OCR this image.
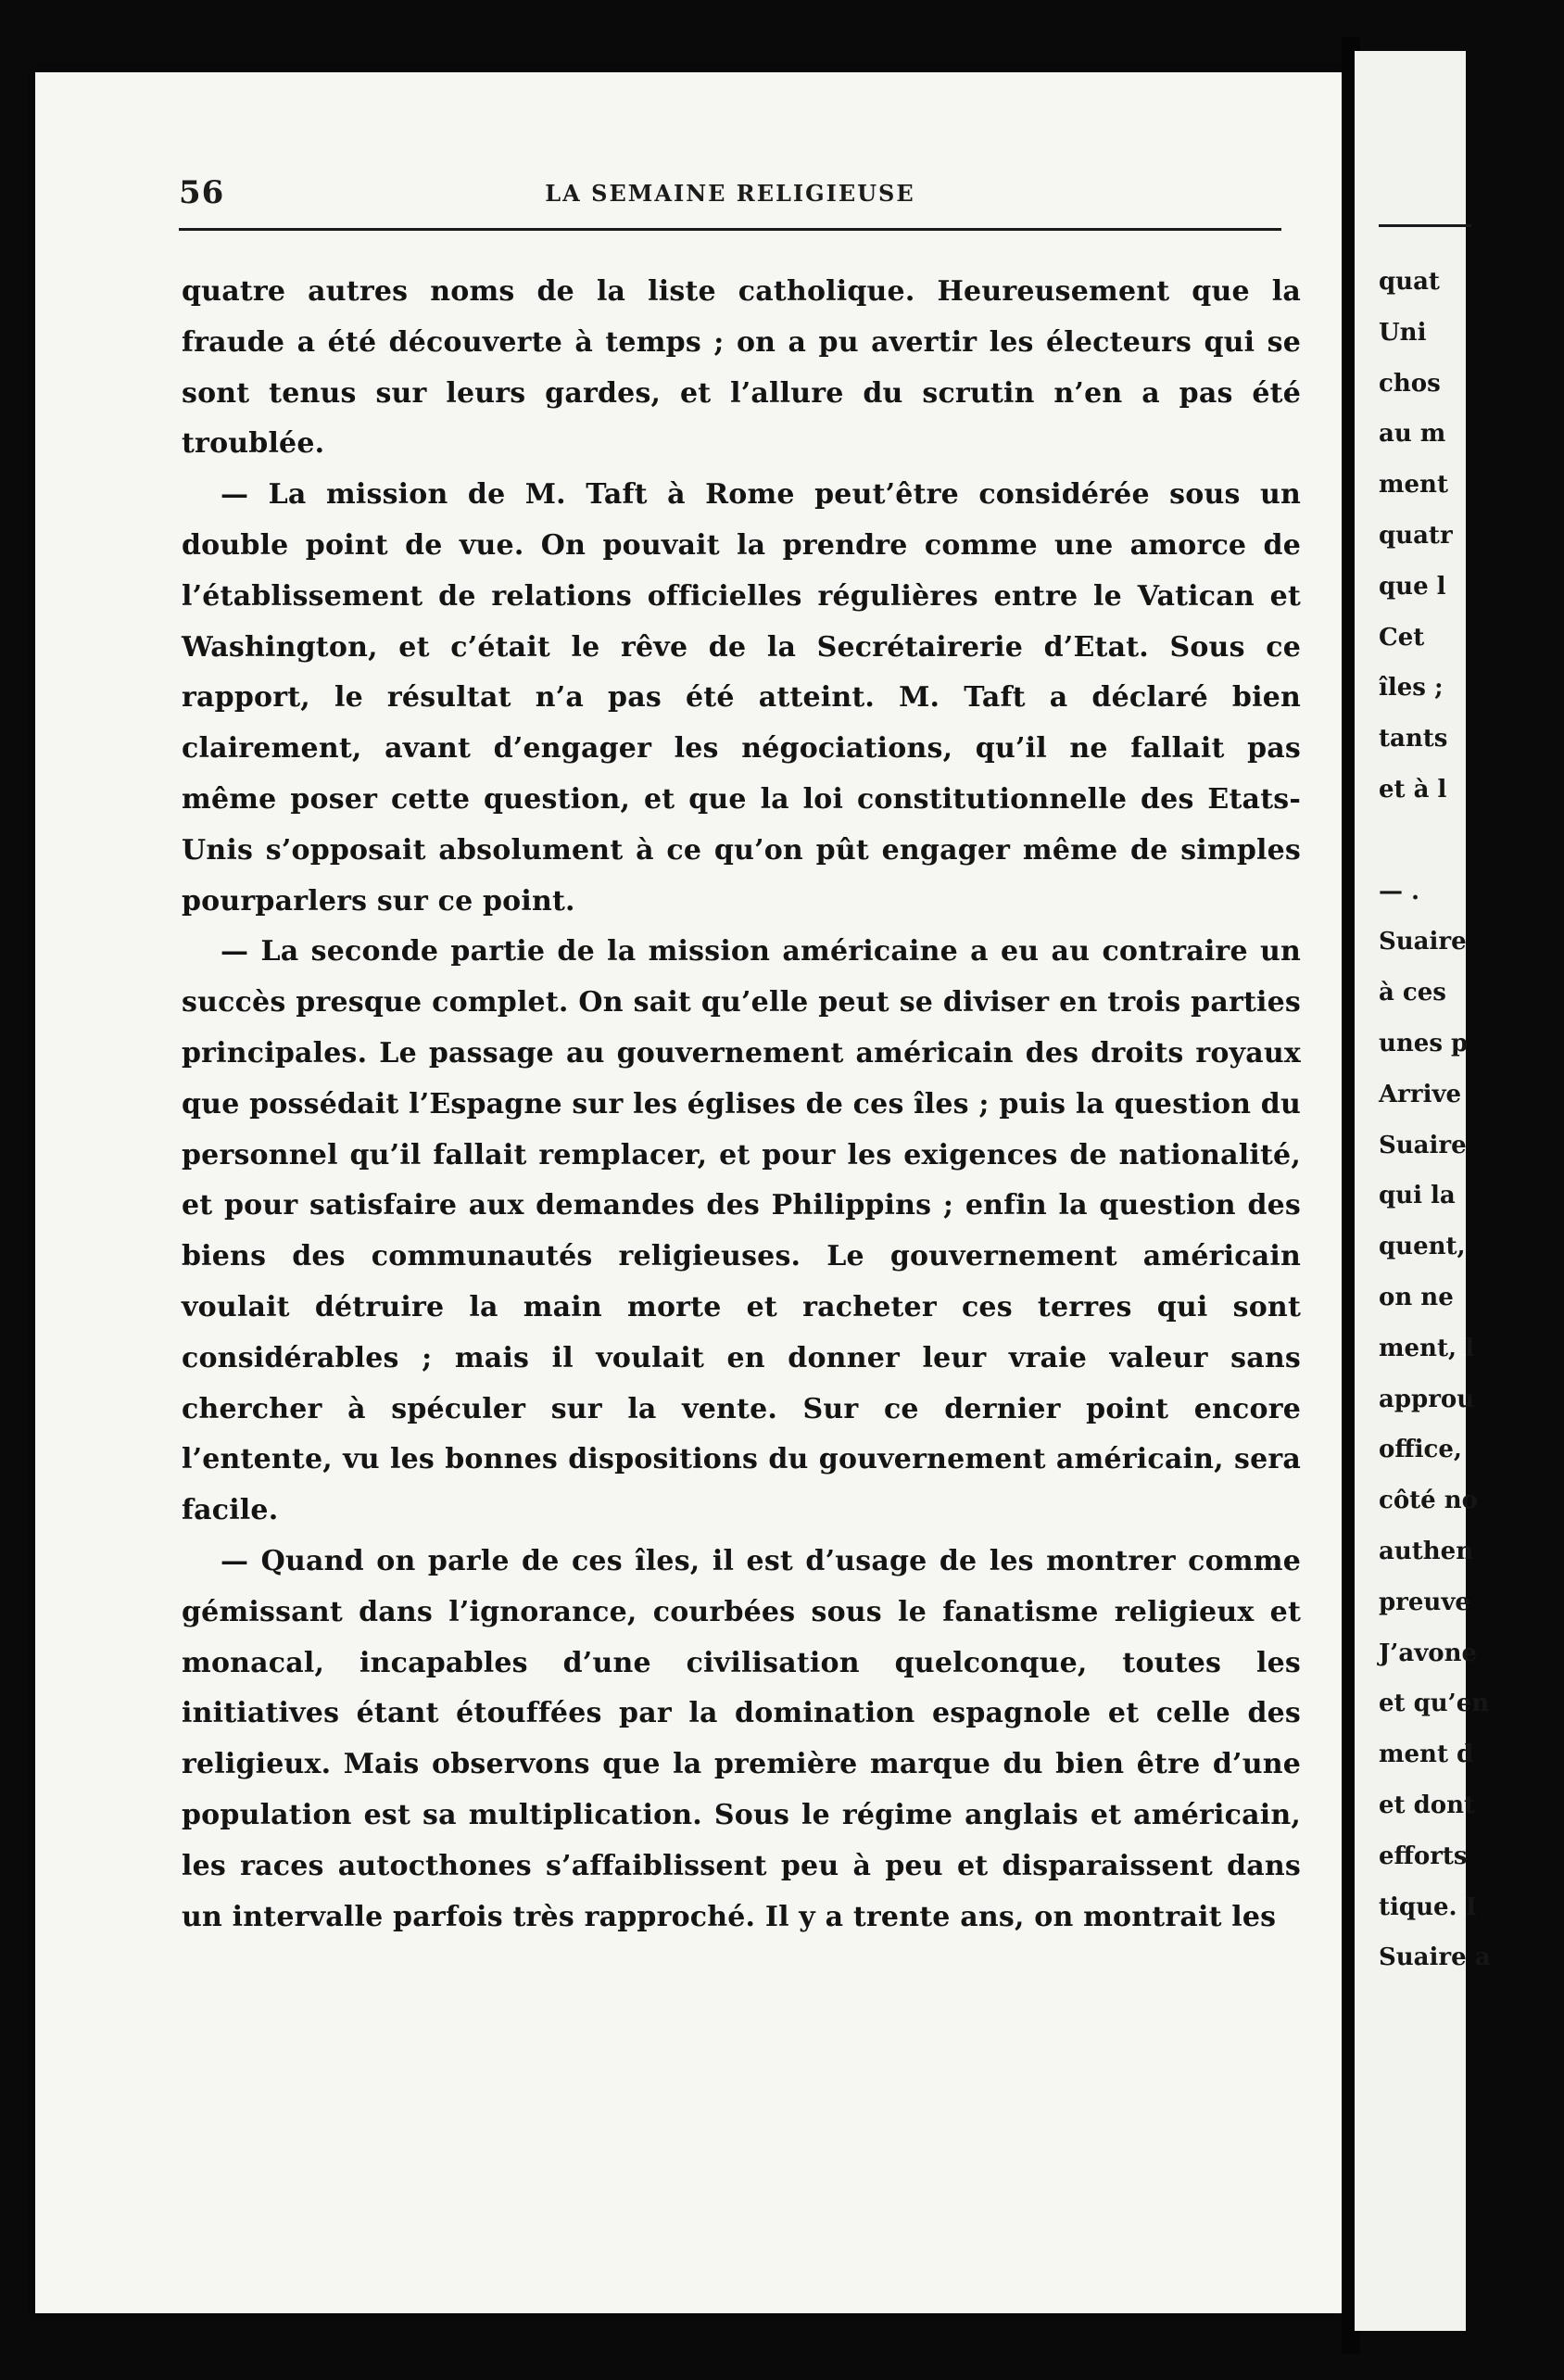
56	LA SEMAINE RELIGIEUSE

quatre autres noms de la liste catholique. Heureusement que la fraude a été découverte à temps ; on a pu avertir les électeurs qui se sont tenus sur leurs gardes, et l’allure du scrutin n’en a pas été troublée.

— La mission de M. Taft à Rome peut’être considérée sous un double point de vue. On pouvait la prendre comme une amorce de l’établissement de relations officielles régulières entre le Vatican et Washington, et c’était le rêve de la Secrétairerie d’Etat. Sous ce rapport, le résultat n’a pas été atteint. M. Taft a déclaré bien clairement, avant d’engager les négociations, qu’il ne fallait pas même poser cette question, et que la loi constitutionnelle des Etats-Unis s’opposait absolument à ce qu’on pût engager même de simples pourparlers sur ce point.

— La seconde partie de la mission américaine a eu au contraire un succès presque complet. On sait qu’elle peut se diviser en trois parties principales. Le passage au gouvernement américain des droits royaux que possédait l’Espagne sur les églises de ces îles ; puis la question du personnel qu’il fallait remplacer, et pour les exigences de nationalité, et pour satisfaire aux demandes des Philippins ; enfin la question des biens des communautés religieuses. Le gouvernement américain voulait détruire la main morte et racheter ces terres qui sont considérables ; mais il voulait en donner leur vraie valeur sans chercher à spéculer sur la vente. Sur ce dernier point encore l’entente, vu les bonnes dispositions du gouvernement américain, sera facile.

— Quand on parle de ces îles, il est d’usage de les montrer comme gémissant dans l’ignorance, courbées sous le fanatisme religieux et monacal, incapables d’une civilisation quelconque, toutes les initiatives étant étouffées par la domination espagnole et celle des religieux. Mais observons que la première marque du bien être d’une population est sa multiplication. Sous le régime anglais et américain, les races autocthones s’affaiblissent peu à peu et disparaissent dans un intervalle parfois très rapproché. Il y a trente ans, on montrait les

quat
Uni
chos
au m
ment
quatr
que l
Cet
îles ;
tants
et à l
— .
Suaire
à ces
unes p
Arrive
Suaire
qui la
quent,
on ne
ment, l
approu
office,
côté no
authen
preuve
J’avone
et qu’en
ment d
et dont
efforts
tique. I
Suaire a
